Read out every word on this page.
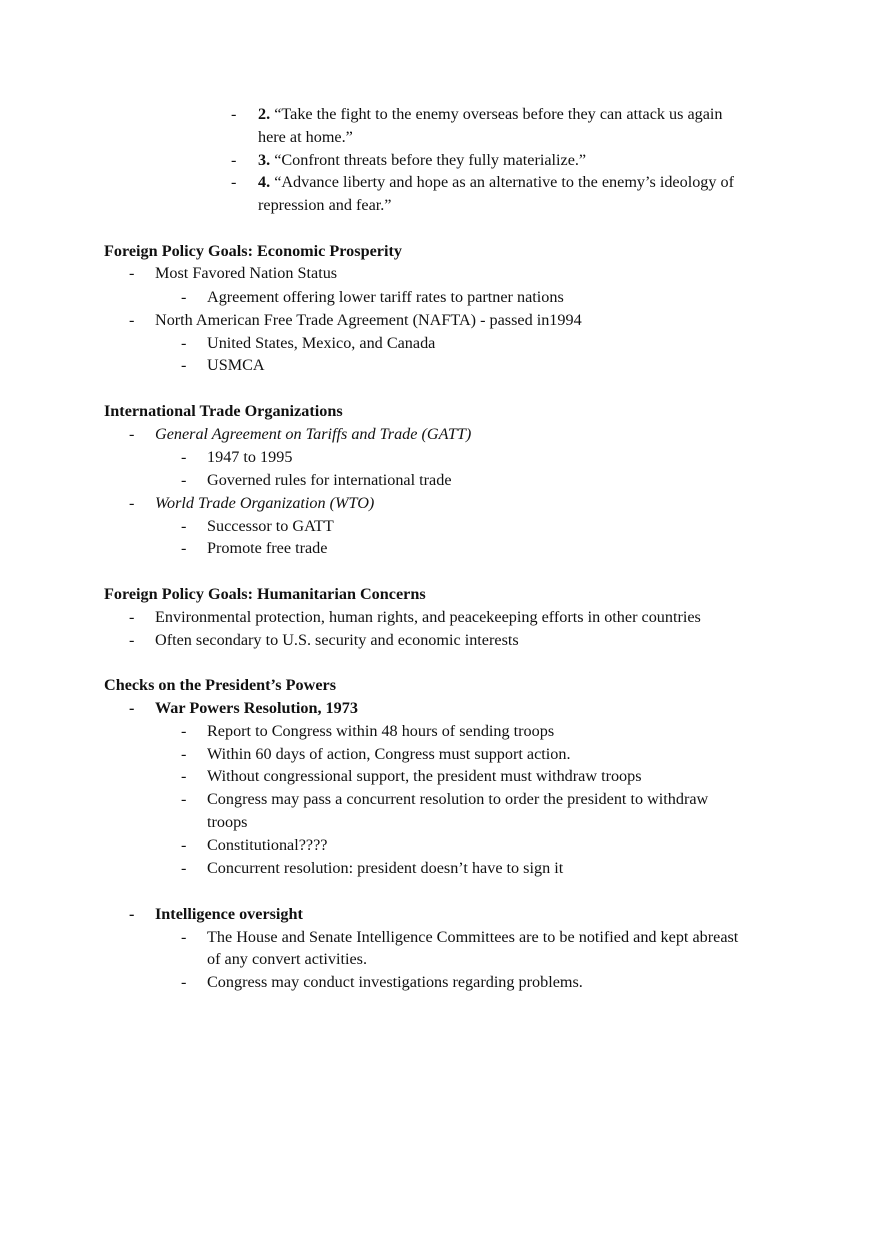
- 2. “Take the fight to the enemy overseas before they can attack us again
here at home.”
- 3. “Confront threats before they fully materialize.”
- 4. “Advance liberty and hope as an alternative to the enemy’s ideology of
repression and fear.”
Foreign Policy Goals: Economic Prosperity
- Most Favored Nation Status
- Agreement offering lower tariff rates to partner nations
- North American Free Trade Agreement (NAFTA) - passed in1994
- United States, Mexico, and Canada
- USMCA
International Trade Organizations
- General Agreement on Tariffs and Trade (GATT)
- 1947 to 1995
- Governed rules for international trade
- World Trade Organization (WTO)
- Successor to GATT
- Promote free trade
Foreign Policy Goals: Humanitarian Concerns
- Environmental protection, human rights, and peacekeeping efforts in other countries
- Often secondary to U.S. security and economic interests
Checks on the President’s Powers
- War Powers Resolution, 1973
- Report to Congress within 48 hours of sending troops
- Within 60 days of action, Congress must support action.
- Without congressional support, the president must withdraw troops
- Congress may pass a concurrent resolution to order the president to withdraw
troops
- Constitutional????
- Concurrent resolution: president doesn’t have to sign it
- Intelligence oversight
- The House and Senate Intelligence Committees are to be notified and kept abreast
of any convert activities.
- Congress may conduct investigations regarding problems.
